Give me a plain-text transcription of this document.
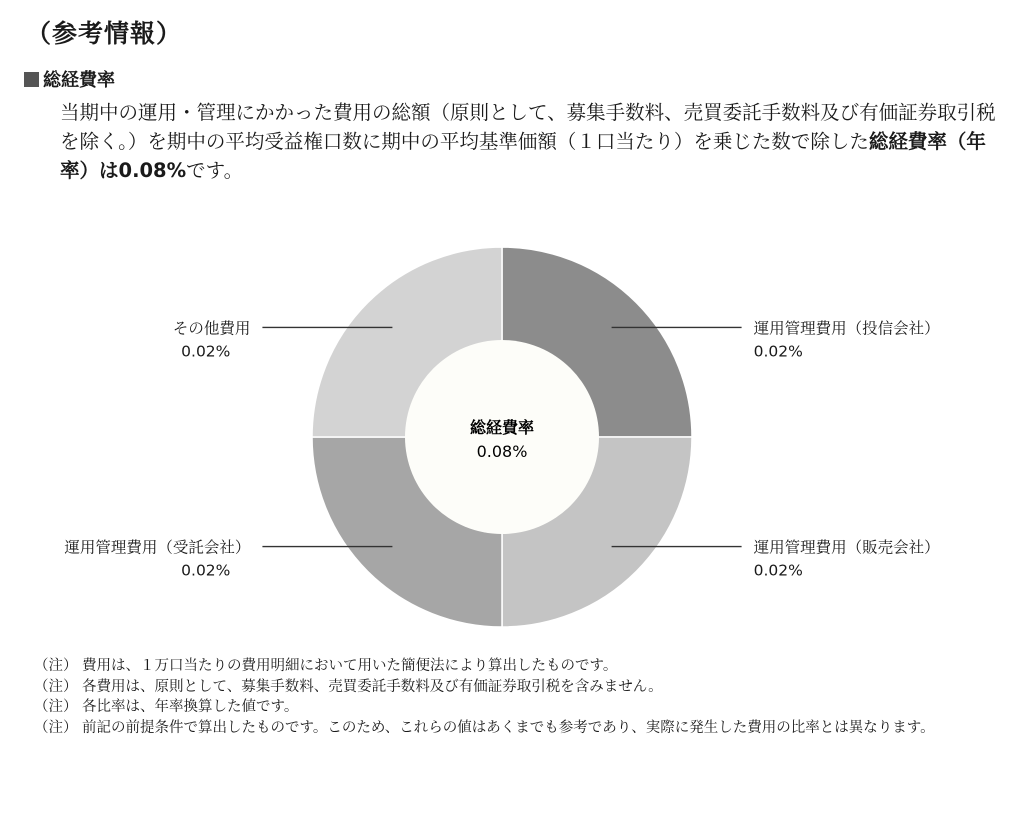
（参考情報）
総経費率
当期中の運用・管理にかかった費用の総額（原則として、募集手数料、売買委託手数料及び有価証券取引税を除く。）を期中の平均受益権口数に期中の平均基準価額（１口当たり）を乗じた数で除した総経費率（年率）は0.08%です。
総経費率
0.08%
運用管理費用（投信会社）
0.02%
運用管理費用（販売会社）
0.02%
運用管理費用（受託会社）
0.02%
その他費用
0.02%
（注） 費用は、１万口当たりの費用明細において用いた簡便法により算出したものです。
（注） 各費用は、原則として、募集手数料、売買委託手数料及び有価証券取引税を含みません。
（注） 各比率は、年率換算した値です。
（注） 前記の前提条件で算出したものです。このため、これらの値はあくまでも参考であり、実際に発生した費用の比率とは異なります。
